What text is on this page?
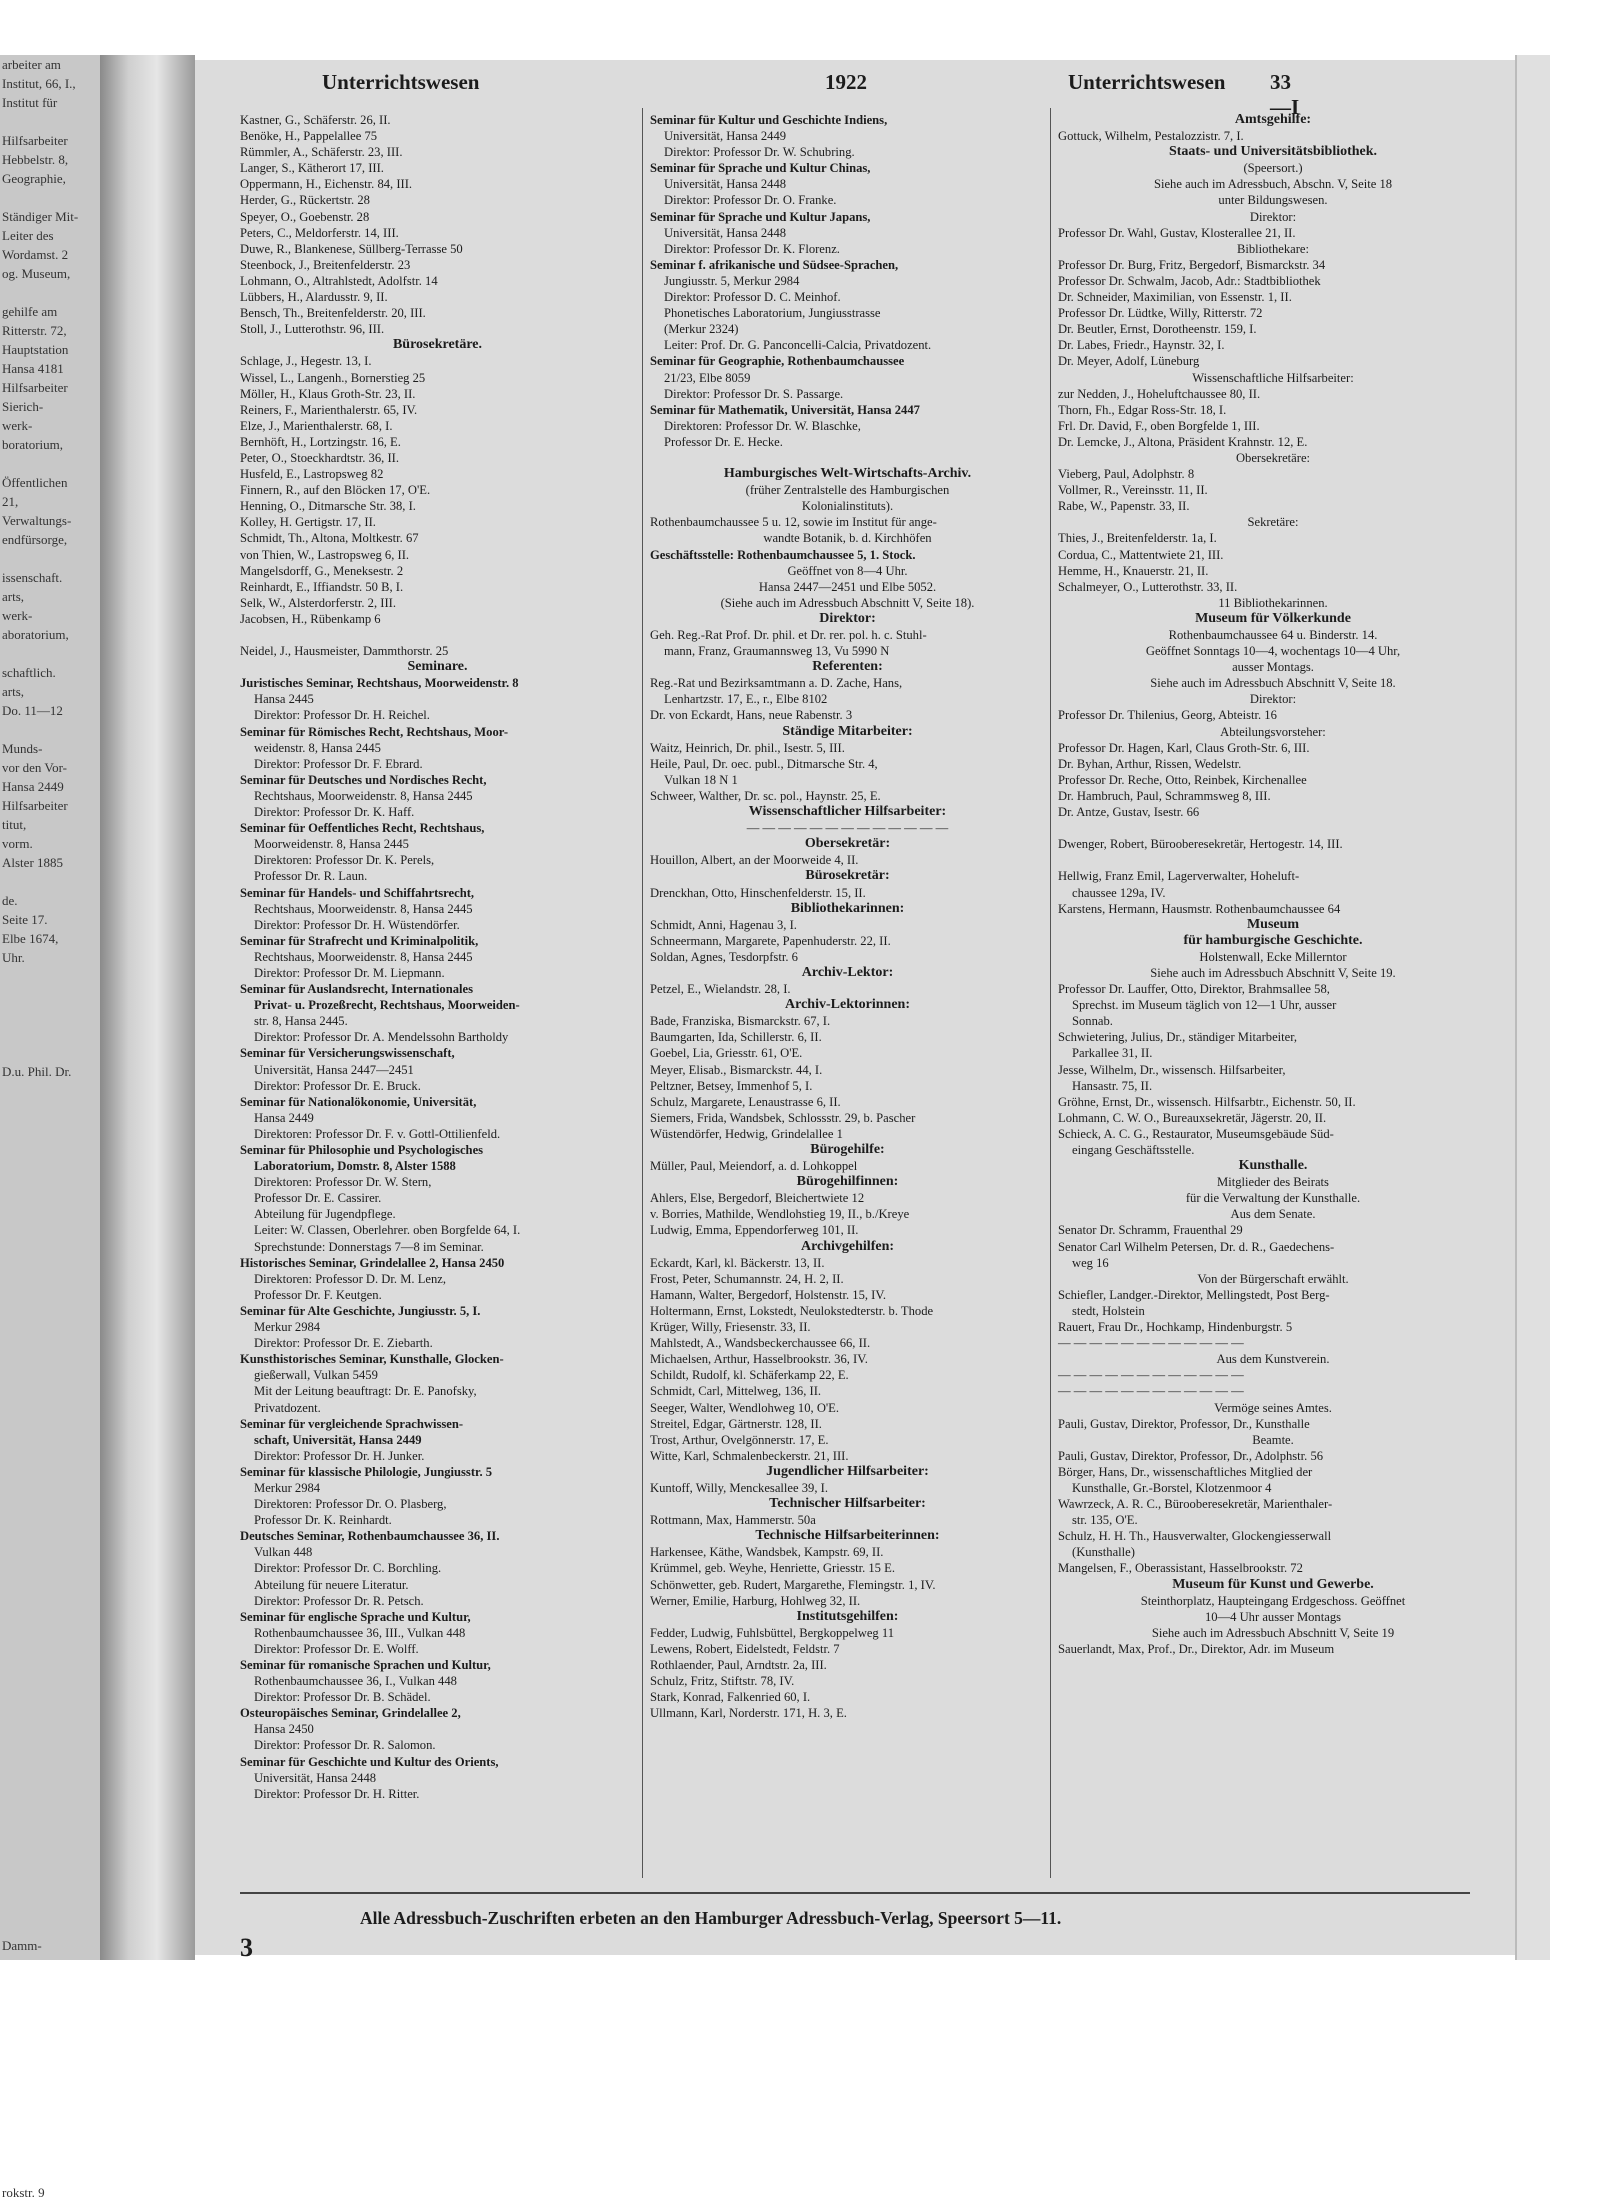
arbeiter am
Institut, 66, I.,
Institut für

Hilfsarbeiter
Hebbelstr. 8,
Geographie,

Ständiger Mit-
Leiter des
Wordamst. 2
og. Museum,

gehilfe am
Ritterstr. 72,
Hauptstation
Hansa 4181
Hilfsarbeiter
Sierich-
werk-
boratorium,

Öffentlichen
21,
Verwaltungs-
endfürsorge,

issenschaft.
arts,
werk-
aboratorium,

schaftlich.
arts,
Do. 11—12

Munds-
vor den Vor-
Hansa 2449
Hilfsarbeiter
titut,
vorm.
Alster 1885

de.
Seite 17.
Elbe 1674,
Uhr.

D.u. Phil. Dr.

Damm-

rokstr. 9
Unterrichtswesen	1922	Unterrichtswesen 33—I
Kastner, G., Schäferstr. 26, II.
Benöke, H., Pappelallee 75
Rümmler, A., Schäferstr. 23, III.
Langer, S., Kätherort 17, III.
Oppermann, H., Eichenstr. 84, III.
Herder, G., Rückertstr. 28
Speyer, O., Goebenstr. 28
Peters, C., Meldorferstr. 14, III.
Duwe, R., Blankenese, Süllberg-Terrasse 50
Steenbock, J., Breitenfelderstr. 23
Lohmann, O., Altrahlstedt, Adolfstr. 14
Lübbers, H., Alardusstr. 9, II.
Bensch, Th., Breitenfelderstr. 20, III.
Stoll, J., Lutterothstr. 96, III.
Bürosekretäre.
Schlage, J., Hegestr. 13, I.
Wissel, L., Langenh., Bornerstieg 25
Möller, H., Klaus Groth-Str. 23, II.
Reiners, F., Marienthalerstr. 65, IV.
Elze, J., Marienthalerstr. 68, I.
Bernhöft, H., Lortzingstr. 16, E.
Peter, O., Stoeckhardtstr. 36, II.
Husfeld, E., Lastropsweg 82
Finnern, R., auf den Blöcken 17, O'E.
Henning, O., Ditmarsche Str. 38, I.
Kolley, H. Gertigstr. 17, II.
Schmidt, Th., Altona, Moltkestr. 67
von Thien, W., Lastropsweg 6, II.
Mangelsdorff, G., Meneksestr. 2
Reinhardt, E., Iffiandstr. 50 B, I.
Selk, W., Alsterdorferstr. 2, III.
Jacobsen, H., Rübenkamp 6

Neidel, J., Hausmeister, Dammthorstr. 25
Seminare.
Juristisches Seminar, Rechtshaus, Moorweidenstr. 8
Hansa 2445
Direktor: Professor Dr. H. Reichel.
Seminar für Römisches Recht, Rechtshaus, Moor-
weidenstr. 8, Hansa 2445
Direktor: Professor Dr. F. Ebrard.
Seminar für Deutsches und Nordisches Recht,
Rechtshaus, Moorweidenstr. 8, Hansa 2445
Direktor: Professor Dr. K. Haff.
Seminar für Oeffentliches Recht, Rechtshaus,
Moorweidenstr. 8, Hansa 2445
Direktoren: Professor Dr. K. Perels,
Professor Dr. R. Laun.
Seminar für Handels- und Schiffahrtsrecht,
Rechtshaus, Moorweidenstr. 8, Hansa 2445
Direktor: Professor Dr. H. Wüstendörfer.
Seminar für Strafrecht und Kriminalpolitik,
Rechtshaus, Moorweidenstr. 8, Hansa 2445
Direktor: Professor Dr. M. Liepmann.
Seminar für Auslandsrecht, Internationales
Privat- u. Prozeßrecht, Rechtshaus, Moorweiden-
str. 8, Hansa 2445.
Direktor: Professor Dr. A. Mendelssohn Bartholdy
Seminar für Versicherungswissenschaft,
Universität, Hansa 2447—2451
Direktor: Professor Dr. E. Bruck.
Seminar für Nationalökonomie, Universität,
Hansa 2449
Direktoren: Professor Dr. F. v. Gottl-Ottilienfeld.
Seminar für Philosophie und Psychologisches
Laboratorium, Domstr. 8, Alster 1588
Direktoren: Professor Dr. W. Stern,
Professor Dr. E. Cassirer.
Abteilung für Jugendpflege.
Leiter: W. Classen, Oberlehrer. oben Borgfelde 64, I.
Sprechstunde: Donnerstags 7—8 im Seminar.
Historisches Seminar, Grindelallee 2, Hansa 2450
Direktoren: Professor D. Dr. M. Lenz,
Professor Dr. F. Keutgen.
Seminar für Alte Geschichte, Jungiusstr. 5, I.
Merkur 2984
Direktor: Professor Dr. E. Ziebarth.
Kunsthistorisches Seminar, Kunsthalle, Glocken-
gießerwall, Vulkan 5459
Mit der Leitung beauftragt: Dr. E. Panofsky,
Privatdozent.
Seminar für vergleichende Sprachwissen-
schaft, Universität, Hansa 2449
Direktor: Professor Dr. H. Junker.
Seminar für klassische Philologie, Jungiusstr. 5
Merkur 2984
Direktoren: Professor Dr. O. Plasberg,
Professor Dr. K. Reinhardt.
Deutsches Seminar, Rothenbaumchaussee 36, II.
Vulkan 448
Direktor: Professor Dr. C. Borchling.
Abteilung für neuere Literatur.
Direktor: Professor Dr. R. Petsch.
Seminar für englische Sprache und Kultur,
Rothenbaumchaussee 36, III., Vulkan 448
Direktor: Professor Dr. E. Wolff.
Seminar für romanische Sprachen und Kultur,
Rothenbaumchaussee 36, I., Vulkan 448
Direktor: Professor Dr. B. Schädel.
Osteuropäisches Seminar, Grindelallee 2,
Hansa 2450
Direktor: Professor Dr. R. Salomon.
Seminar für Geschichte und Kultur des Orients,
Universität, Hansa 2448
Direktor: Professor Dr. H. Ritter.
Seminar für Kultur und Geschichte Indiens,
Universität, Hansa 2449
Direktor: Professor Dr. W. Schubring.
Seminar für Sprache und Kultur Chinas,
Universität, Hansa 2448
Direktor: Professor Dr. O. Franke.
Seminar für Sprache und Kultur Japans,
Universität, Hansa 2448
Direktor: Professor Dr. K. Florenz.
Seminar f. afrikanische und Südsee-Sprachen,
Jungiusstr. 5, Merkur 2984
Direktor: Professor D. C. Meinhof.
Phonetisches Laboratorium, Jungiusstrasse
(Merkur 2324)
Leiter: Prof. Dr. G. Panconcelli-Calcia, Privatdozent.
Seminar für Geographie, Rothenbaumchaussee
21/23, Elbe 8059
Direktor: Professor Dr. S. Passarge.
Seminar für Mathematik, Universität, Hansa 2447
Direktoren: Professor Dr. W. Blaschke,
Professor Dr. E. Hecke.

Hamburgisches Welt-Wirtschafts-Archiv.
(früher Zentralstelle des Hamburgischen
Kolonialinstituts).
Rothenbaumchaussee 5 u. 12, sowie im Institut für ange-
wandte Botanik, b. d. Kirchhöfen
Geschäftsstelle: Rothenbaumchaussee 5, 1. Stock.
Geöffnet von 8—4 Uhr.
Hansa 2447—2451 und Elbe 5052.
(Siehe auch im Adressbuch Abschnitt V, Seite 18).
Direktor:
Geh. Reg.-Rat Prof. Dr. phil. et Dr. rer. pol. h. c. Stuhl-
mann, Franz, Graumannsweg 13, Vu 5990 N
Referenten:
Reg.-Rat und Bezirksamtmann a. D. Zache, Hans,
Lenhartzstr. 17, E., r., Elbe 8102
Dr. von Eckardt, Hans, neue Rabenstr. 3
Ständige Mitarbeiter:
Waitz, Heinrich, Dr. phil., Isestr. 5, III.
Heile, Paul, Dr. oec. publ., Ditmarsche Str. 4,
Vulkan 18 N 1
Schweer, Walther, Dr. sc. pol., Haynstr. 25, E.
Wissenschaftlicher Hilfsarbeiter:
— — — — — — — — — — — — —
Obersekretär:
Houillon, Albert, an der Moorweide 4, II.
Bürosekretär:
Drenckhan, Otto, Hinschenfelderstr. 15, II.
Bibliothekarinnen:
Schmidt, Anni, Hagenau 3, I.
Schneermann, Margarete, Papenhuderstr. 22, II.
Soldan, Agnes, Tesdorpfstr. 6
Archiv-Lektor:
Petzel, E., Wielandstr. 28, I.
Archiv-Lektorinnen:
Bade, Franziska, Bismarckstr. 67, I.
Baumgarten, Ida, Schillerstr. 6, II.
Goebel, Lia, Griesstr. 61, O'E.
Meyer, Elisab., Bismarckstr. 44, I.
Peltzner, Betsey, Immenhof 5, I.
Schulz, Margarete, Lenaustrasse 6, II.
Siemers, Frida, Wandsbek, Schlossstr. 29, b. Pascher
Wüstendörfer, Hedwig, Grindelallee 1
Bürogehilfe:
Müller, Paul, Meiendorf, a. d. Lohkoppel
Bürogehilfinnen:
Ahlers, Else, Bergedorf, Bleichertwiete 12
v. Borries, Mathilde, Wendlohstieg 19, II., b./Kreye
Ludwig, Emma, Eppendorferweg 101, II.
Archivgehilfen:
Eckardt, Karl, kl. Bäckerstr. 13, II.
Frost, Peter, Schumannstr. 24, H. 2, II.
Hamann, Walter, Bergedorf, Holstenstr. 15, IV.
Holtermann, Ernst, Lokstedt, Neulokstedterstr. b. Thode
Krüger, Willy, Friesenstr. 33, II.
Mahlstedt, A., Wandsbeckerchaussee 66, II.
Michaelsen, Arthur, Hasselbrookstr. 36, IV.
Schildt, Rudolf, kl. Schäferkamp 22, E.
Schmidt, Carl, Mittelweg, 136, II.
Seeger, Walter, Wendlohweg 10, O'E.
Streitel, Edgar, Gärtnerstr. 128, II.
Trost, Arthur, Ovelgönnerstr. 17, E.
Witte, Karl, Schmalenbeckerstr. 21, III.
Jugendlicher Hilfsarbeiter:
Kuntoff, Willy, Menckesallee 39, I.
Technischer Hilfsarbeiter:
Rottmann, Max, Hammerstr. 50a
Technische Hilfsarbeiterinnen:
Harkensee, Käthe, Wandsbek, Kampstr. 69, II.
Krümmel, geb. Weyhe, Henriette, Griesstr. 15 E.
Schönwetter, geb. Rudert, Margarethe, Flemingstr. 1, IV.
Werner, Emilie, Harburg, Hohlweg 32, II.
Institutsgehilfen:
Fedder, Ludwig, Fuhlsbüttel, Bergkoppelweg 11
Lewens, Robert, Eidelstedt, Feldstr. 7
Rothlaender, Paul, Arndtstr. 2a, III.
Schulz, Fritz, Stiftstr. 78, IV.
Stark, Konrad, Falkenried 60, I.
Ullmann, Karl, Norderstr. 171, H. 3, E.
Amtsgehilfe:
Gottuck, Wilhelm, Pestalozzistr. 7, I.
Staats- und Universitätsbibliothek.
(Speersort.)
Siehe auch im Adressbuch, Abschn. V, Seite 18
unter Bildungswesen.
Direktor:
Professor Dr. Wahl, Gustav, Klosterallee 21, II.
Bibliothekare:
Professor Dr. Burg, Fritz, Bergedorf, Bismarckstr. 34
Professor Dr. Schwalm, Jacob, Adr.: Stadtbibliothek
Dr. Schneider, Maximilian, von Essenstr. 1, II.
Professor Dr. Lüdtke, Willy, Ritterstr. 72
Dr. Beutler, Ernst, Dorotheenstr. 159, I.
Dr. Labes, Friedr., Haynstr. 32, I.
Dr. Meyer, Adolf, Lüneburg
Wissenschaftliche Hilfsarbeiter:
zur Nedden, J., Hoheluftchaussee 80, II.
Thorn, Fh., Edgar Ross-Str. 18, I.
Frl. Dr. David, F., oben Borgfelde 1, III.
Dr. Lemcke, J., Altona, Präsident Krahnstr. 12, E.
Obersekretäre:
Vieberg, Paul, Adolphstr. 8
Vollmer, R., Vereinsstr. 11, II.
Rabe, W., Papenstr. 33, II.
Sekretäre:
Thies, J., Breitenfelderstr. 1a, I.
Cordua, C., Mattentwiete 21, III.
Hemme, H., Knauerstr. 21, II.
Schalmeyer, O., Lutterothstr. 33, II.
11 Bibliothekarinnen.
Museum für Völkerkunde
Rothenbaumchaussee 64 u. Binderstr. 14.
Geöffnet Sonntags 10—4, wochentags 10—4 Uhr,
ausser Montags.
Siehe auch im Adressbuch Abschnitt V, Seite 18.
Direktor:
Professor Dr. Thilenius, Georg, Abteistr. 16
Abteilungsvorsteher:
Professor Dr. Hagen, Karl, Claus Groth-Str. 6, III.
Dr. Byhan, Arthur, Rissen, Wedelstr.
Professor Dr. Reche, Otto, Reinbek, Kirchenallee
Dr. Hambruch, Paul, Schrammsweg 8, III.
Dr. Antze, Gustav, Isestr. 66

Dwenger, Robert, Bürooberesekretär, Hertogestr. 14, III.

Hellwig, Franz Emil, Lagerverwalter, Hoheluft-
chaussee 129a, IV.
Karstens, Hermann, Hausmstr. Rothenbaumchaussee 64
Museum
für hamburgische Geschichte.
Holstenwall, Ecke Millerntor
Siehe auch im Adressbuch Abschnitt V, Seite 19.
Professor Dr. Lauffer, Otto, Direktor, Brahmsallee 58,
Sprechst. im Museum täglich von 12—1 Uhr, ausser
Sonnab.
Schwietering, Julius, Dr., ständiger Mitarbeiter,
Parkallee 31, II.
Jesse, Wilhelm, Dr., wissensch. Hilfsarbeiter,
Hansastr. 75, II.
Gröhne, Ernst, Dr., wissensch. Hilfsarbtr., Eichenstr. 50, II.
Lohmann, C. W. O., Bureauxsekretär, Jägerstr. 20, II.
Schieck, A. C. G., Restaurator, Museumsgebäude Süd-
eingang Geschäftsstelle.
Kunsthalle.
Mitglieder des Beirats
für die Verwaltung der Kunsthalle.
Aus dem Senate.
Senator Dr. Schramm, Frauenthal 29
Senator Carl Wilhelm Petersen, Dr. d. R., Gaedechens-
weg 16
Von der Bürgerschaft erwählt.
Schiefler, Landger.-Direktor, Mellingstedt, Post Berg-
stedt, Holstein
Rauert, Frau Dr., Hochkamp, Hindenburgstr. 5
— — — — — — — — — — — —
Aus dem Kunstverein.
— — — — — — — — — — — —
— — — — — — — — — — — —
Vermöge seines Amtes.
Pauli, Gustav, Direktor, Professor, Dr., Kunsthalle
Beamte.
Pauli, Gustav, Direktor, Professor, Dr., Adolphstr. 56
Börger, Hans, Dr., wissenschaftliches Mitglied der
Kunsthalle, Gr.-Borstel, Klotzenmoor 4
Wawrzeck, A. R. C., Bürooberesekretär, Marienthaler-
str. 135, O'E.
Schulz, H. H. Th., Hausverwalter, Glockengiesserwall
(Kunsthalle)
Mangelsen, F., Oberassistant, Hasselbrookstr. 72
Museum für Kunst und Gewerbe.
Steinthorplatz, Haupteingang Erdgeschoss. Geöffnet
10—4 Uhr ausser Montags
Siehe auch im Adressbuch Abschnitt V, Seite 19
Sauerlandt, Max, Prof., Dr., Direktor, Adr. im Museum
Alle Adressbuch-Zuschriften erbeten an den Hamburger Adressbuch-Verlag, Speersort 5—11.
3
